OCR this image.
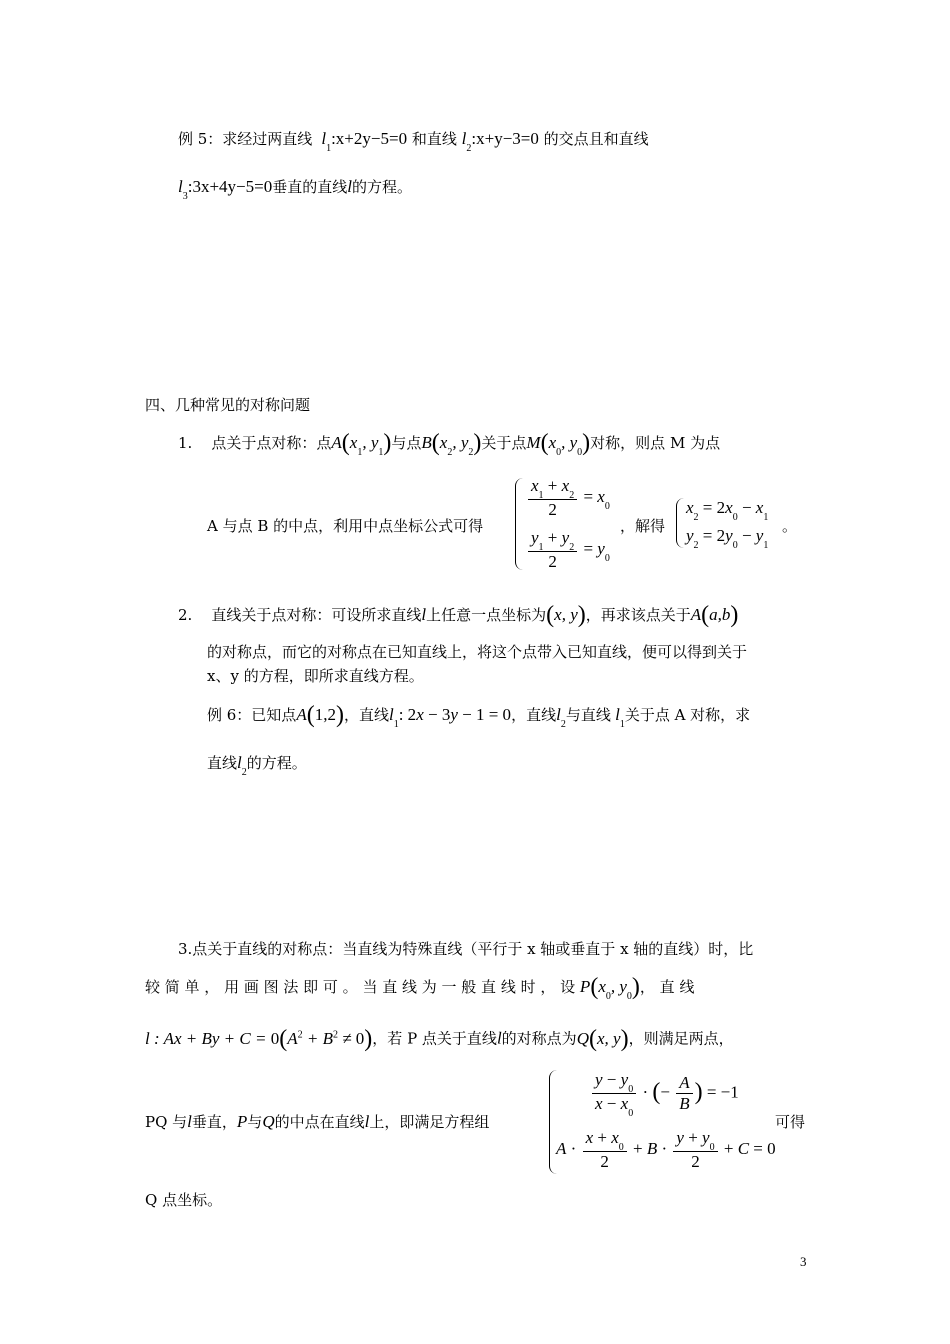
例 5：求经过两直线  $l_1:x+2y-5=0$ 和直线 $l_2:x+y-3=0$ 的交点且和直线
$l_3:3x+4y-5=0$垂直的直线l的方程。
四、几种常见的对称问题
1. 点关于点对称：点$A(x_1$, $y_1$)与点$B(x_2$, $y_2$)关于点$M(x_0$, $y_0$)对称，则点 M 为点
A 与点 B 的中点，利用中点坐标公式可得
$\frac{x_1 + x_2}{2} = x_0$
$\frac{y_1 + y_2}{2} = y_0$
，解得
$x_2 = 2x_0 - x_1$
$y_2 = 2y_0 - y_1$
。
2. 直线关于点对称：可设所求直线l上任意一点坐标为(x, y)，再求该点关于A(a,b)
的对称点，而它的对称点在已知直线上，将这个点带入已知直线，便可以得到关于
x、y 的方程，即所求直线方程。
例 6：已知点A(1,2)，直线$l_1$: 2x − 3y − 1 = 0，直线$l_2$与直线 $l_1$关于点 A 对称，求
直线$l_2$的方程。
3.点关于直线的对称点：当直线为特殊直线（平行于 x 轴或垂直于 x 轴的直线）时，比
较 简 单 ， 用 画 图 法 即 可 。 当 直 线 为 一 般 直 线 时 ， 设 $P(x_0$, $y_0$)， 直 线
l : $Ax + By + C = 0(A^2 + B^2 \ne 0)$，若 P 点关于直线l的对称点为Q(x, y)，则满足两点，
PQ 与l垂直，P与Q的中点在直线l上，即满足方程组
$\frac{y - y_0}{x - x_0}$ · (− $\frac{A}{B}$ ) = −1
$A \cdot \frac{x + x_0}{2} + B \cdot \frac{y + y_0}{2} + C = 0$
可得
Q 点坐标。
3
